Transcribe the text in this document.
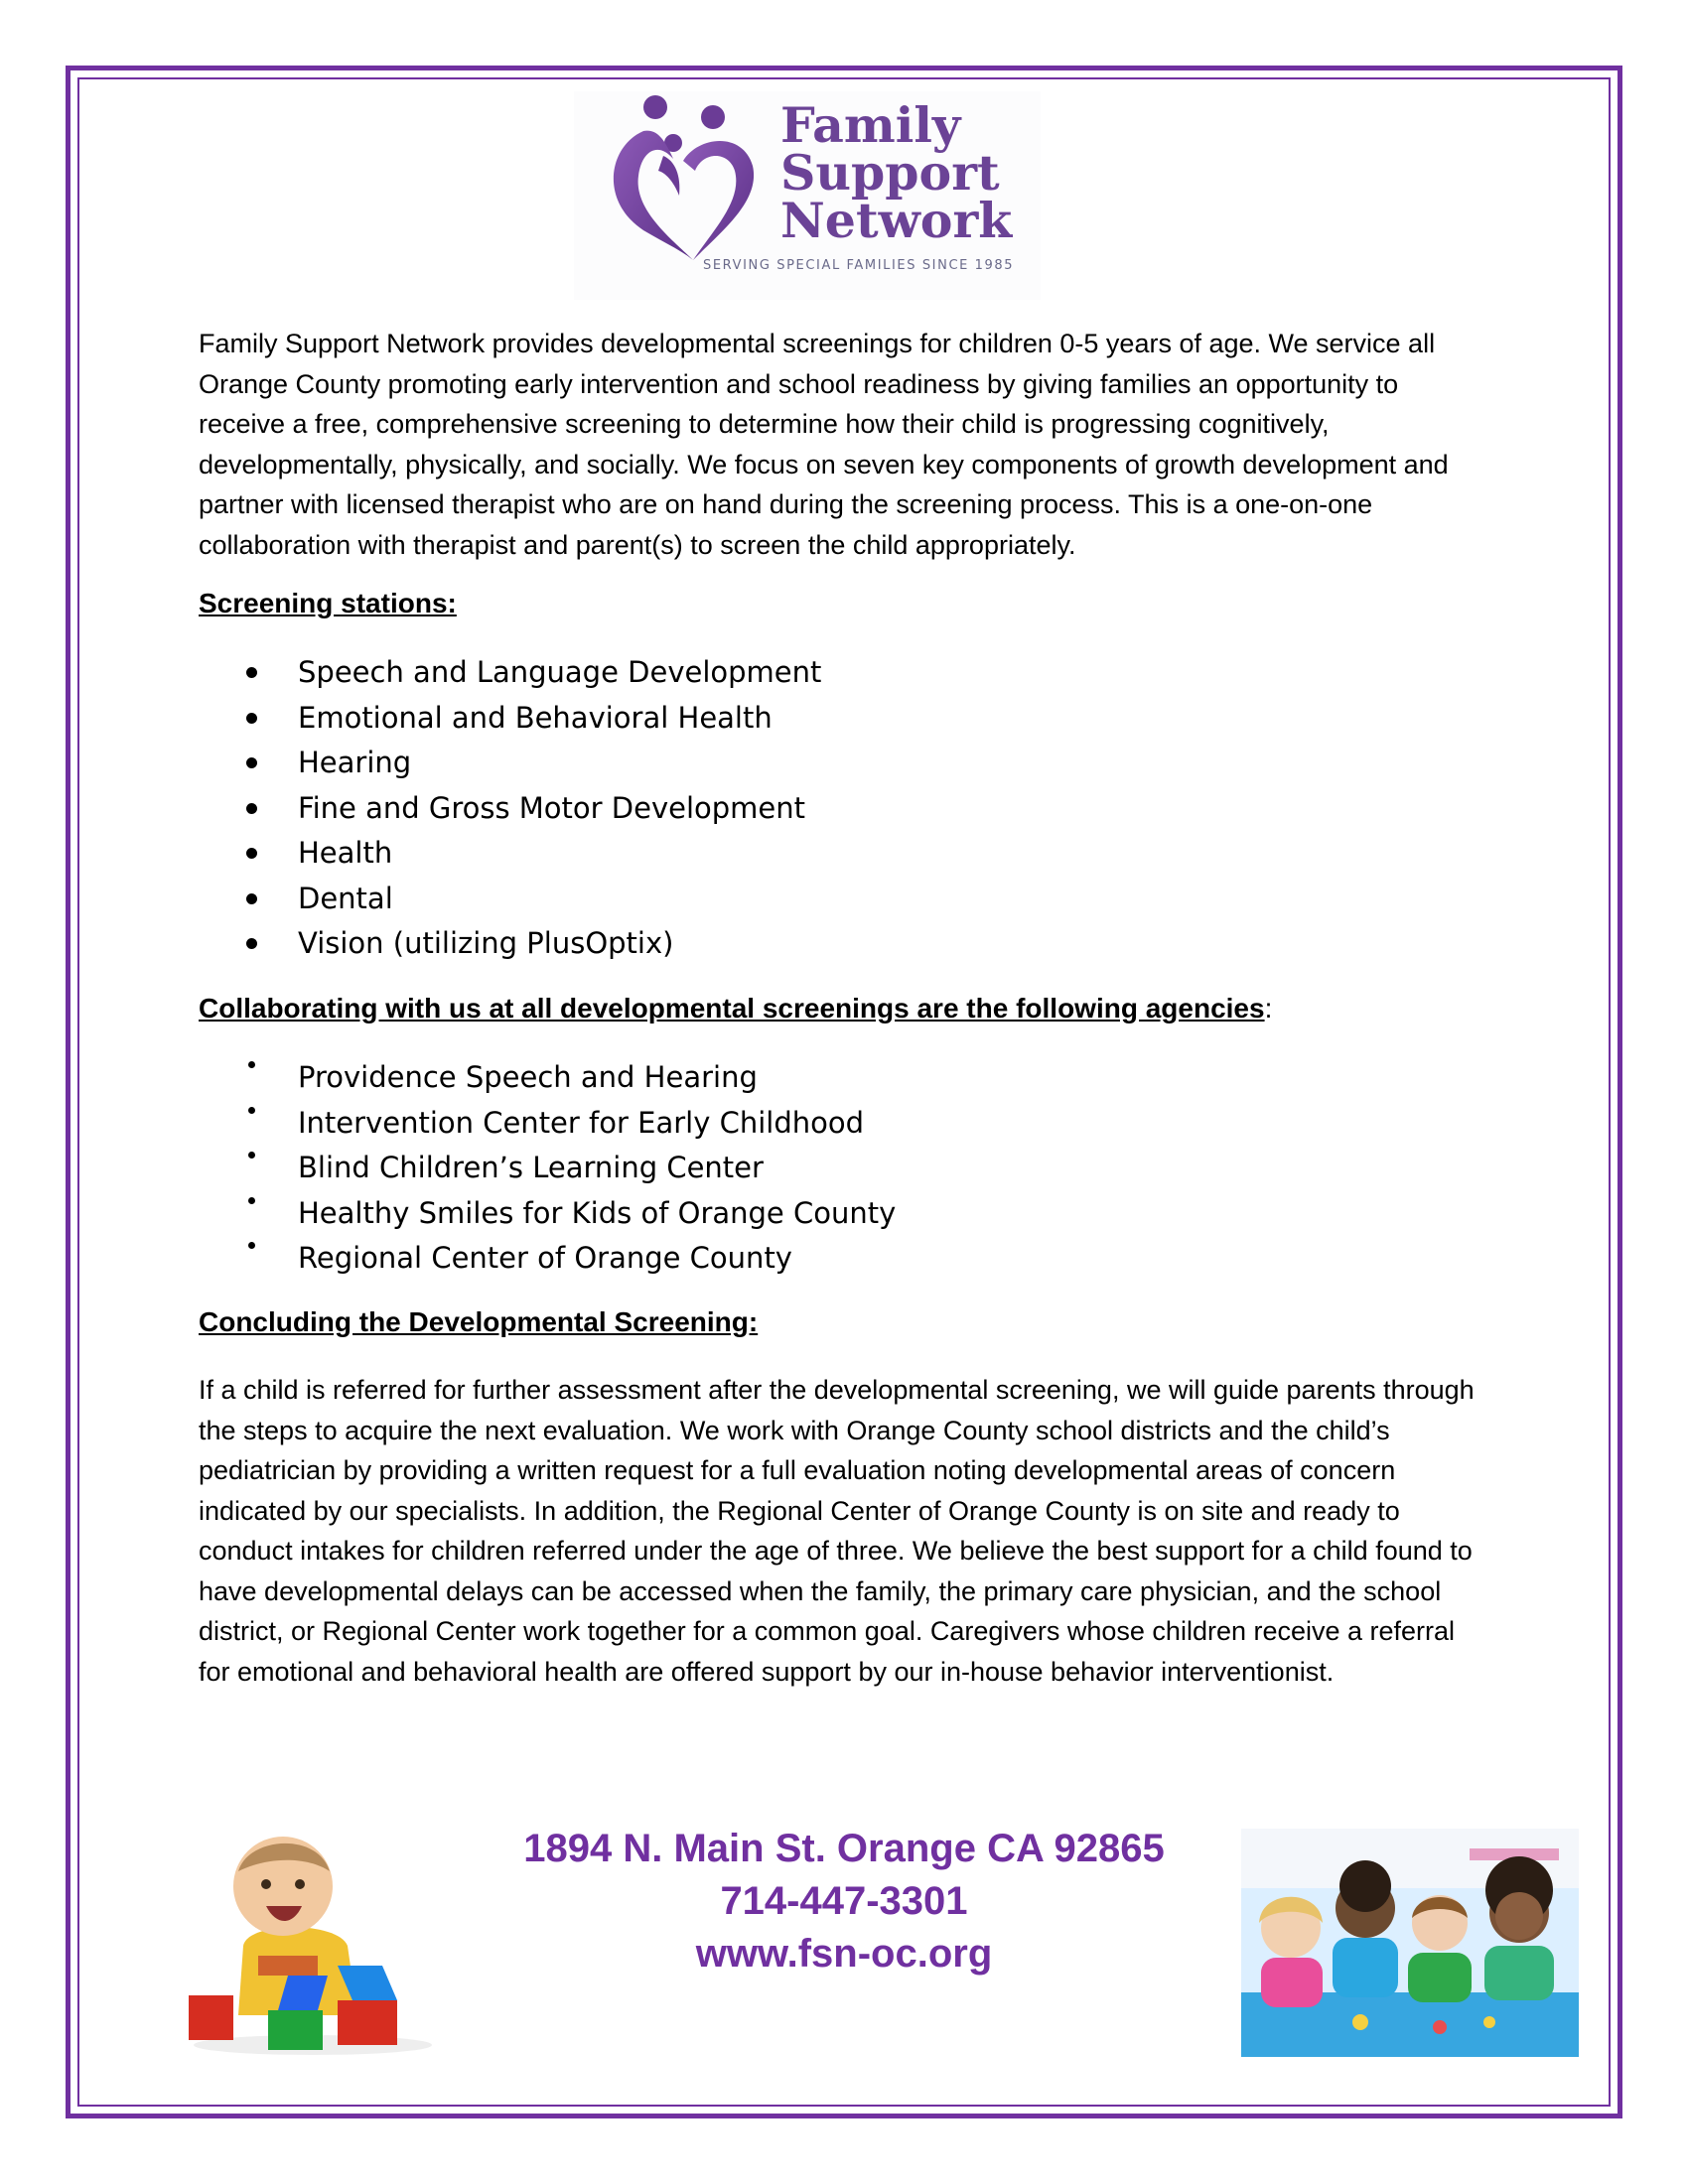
Family
Support
Network
SERVING SPECIAL FAMILIES SINCE 1985

Family Support Network provides developmental screenings for children 0-5 years of age. We service all Orange County promoting early intervention and school readiness by giving families an opportunity to receive a free, comprehensive screening to determine how their child is progressing cognitively, developmentally, physically, and socially. We focus on seven key components of growth development and partner with licensed therapist who are on hand during the screening process. This is a one-on-one collaboration with therapist and parent(s) to screen the child appropriately.

Screening stations:

Speech and Language Development
Emotional and Behavioral Health
Hearing
Fine and Gross Motor Development
Health
Dental
Vision (utilizing PlusOptix)

Collaborating with us at all developmental screenings are the following agencies:

Providence Speech and Hearing
Intervention Center for Early Childhood
Blind Children’s Learning Center
Healthy Smiles for Kids of Orange County
Regional Center of Orange County

Concluding the Developmental Screening:

If a child is referred for further assessment after the developmental screening, we will guide parents through the steps to acquire the next evaluation. We work with Orange County school districts and the child’s pediatrician by providing a written request for a full evaluation noting developmental areas of concern indicated by our specialists. In addition, the Regional Center of Orange County is on site and ready to conduct intakes for children referred under the age of three. We believe the best support for a child found to have developmental delays can be accessed when the family, the primary care physician, and the school district, or Regional Center work together for a common goal. Caregivers whose children receive a referral for emotional and behavioral health are offered support by our in-house behavior interventionist.

1894 N. Main St. Orange CA 92865
714-447-3301
www.fsn-oc.org
